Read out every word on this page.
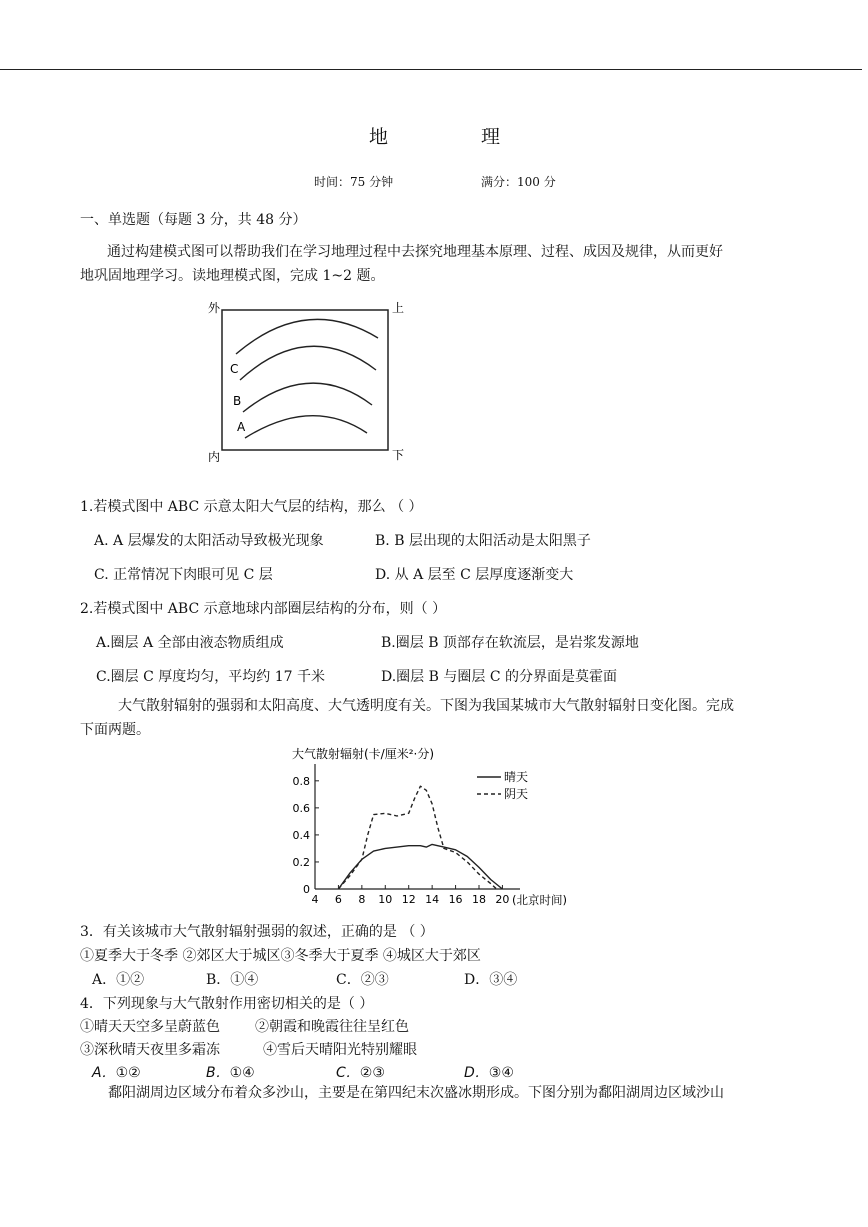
地	理
时间：75 分钟	满分：100 分
一、单选题（每题 3 分，共 48 分）
通过构建模式图可以帮助我们在学习地理过程中去探究地理基本原理、过程、成因及规律，从而更好
地巩固地理学习。读地理模式图，完成 1~2 题。
外	上
内	下
C
B
A
1.若模式图中 ABC 示意太阳大气层的结构，那么 （ ）
A. A 层爆发的太阳活动导致极光现象	B. B 层出现的太阳活动是太阳黑子
C. 正常情况下肉眼可见 C 层	D. 从 A 层至 C 层厚度逐渐变大
2.若模式图中 ABC 示意地球内部圈层结构的分布，则（ ）
A.圈层 A 全部由液态物质组成	B.圈层 B 顶部存在软流层，是岩浆发源地
C.圈层 C 厚度均匀，平均约 17 千米	D.圈层 B 与圈层 C 的分界面是莫霍面
大气散射辐射的强弱和太阳高度、大气透明度有关。下图为我国某城市大气散射辐射日变化图。完成
下面两题。
大气散射辐射(卡/厘米²·分)
(北京时间)
晴天
阴天
0
0.2
0.4
0.6
0.8
4 6 8 10 12 14 16 18 20
3．有关该城市大气散射辐射强弱的叙述，正确的是 （ ）
①夏季大于冬季 ②郊区大于城区③冬季大于夏季 ④城区大于郊区
A．①②	B．①④	C．②③	D．③④
4．下列现象与大气散射作用密切相关的是（ ）
①晴天天空多呈蔚蓝色	②朝霞和晚霞往往呈红色
③深秋晴天夜里多霜冻	④雪后天晴阳光特别耀眼
A．①②	B．①④	C．②③	D．③④
鄱阳湖周边区域分布着众多沙山，主要是在第四纪末次盛冰期形成。下图分别为鄱阳湖周边区域沙山
